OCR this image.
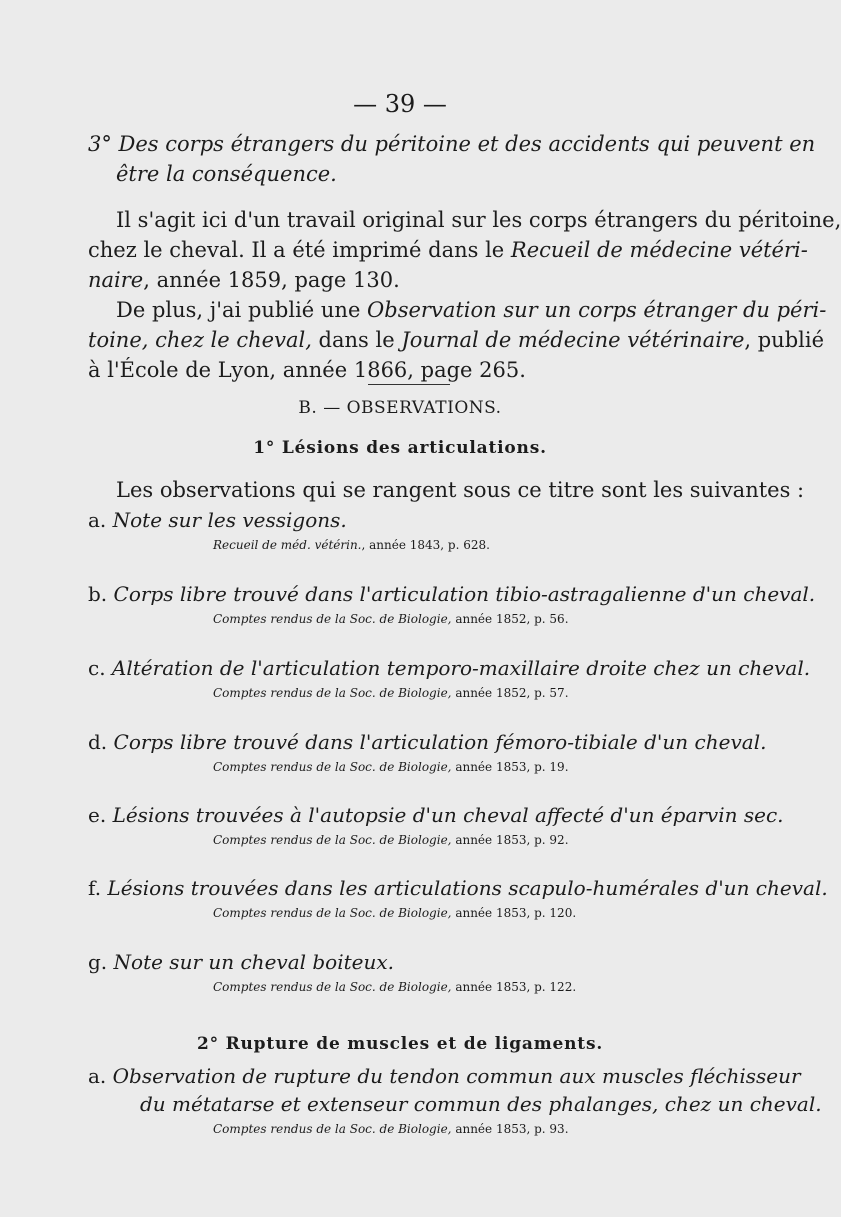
— 39 —
3° Des corps étrangers du péritoine et des accidents qui peuvent en
être la conséquence.
Il s'agit ici d'un travail original sur les corps étrangers du péritoine,
chez le cheval. Il a été imprimé dans le Recueil de médecine vétéri-
naire, année 1859, page 130.
De plus, j'ai publié une Observation sur un corps étranger du péri-
toine, chez le cheval, dans le Journal de médecine vétérinaire, publié
à l'École de Lyon, année 1866, page 265.
B. — OBSERVATIONS.
1° Lésions des articulations.
Les observations qui se rangent sous ce titre sont les suivantes :
a. Note sur les vessigons.
Recueil de méd. vétérin., année 1843, p. 628.
b. Corps libre trouvé dans l'articulation tibio-astragalienne d'un cheval.
Comptes rendus de la Soc. de Biologie, année 1852, p. 56.
c. Altération de l'articulation temporo-maxillaire droite chez un cheval.
Comptes rendus de la Soc. de Biologie, année 1852, p. 57.
d. Corps libre trouvé dans l'articulation fémoro-tibiale d'un cheval.
Comptes rendus de la Soc. de Biologie, année 1853, p. 19.
e. Lésions trouvées à l'autopsie d'un cheval affecté d'un éparvin sec.
Comptes rendus de la Soc. de Biologie, année 1853, p. 92.
f. Lésions trouvées dans les articulations scapulo-humérales d'un cheval.
Comptes rendus de la Soc. de Biologie, année 1853, p. 120.
g. Note sur un cheval boiteux.
Comptes rendus de la Soc. de Biologie, année 1853, p. 122.
2° Rupture de muscles et de ligaments.
a. Observation de rupture du tendon commun aux muscles fléchisseur
du métatarse et extenseur commun des phalanges, chez un cheval.
Comptes rendus de la Soc. de Biologie, année 1853, p. 93.
